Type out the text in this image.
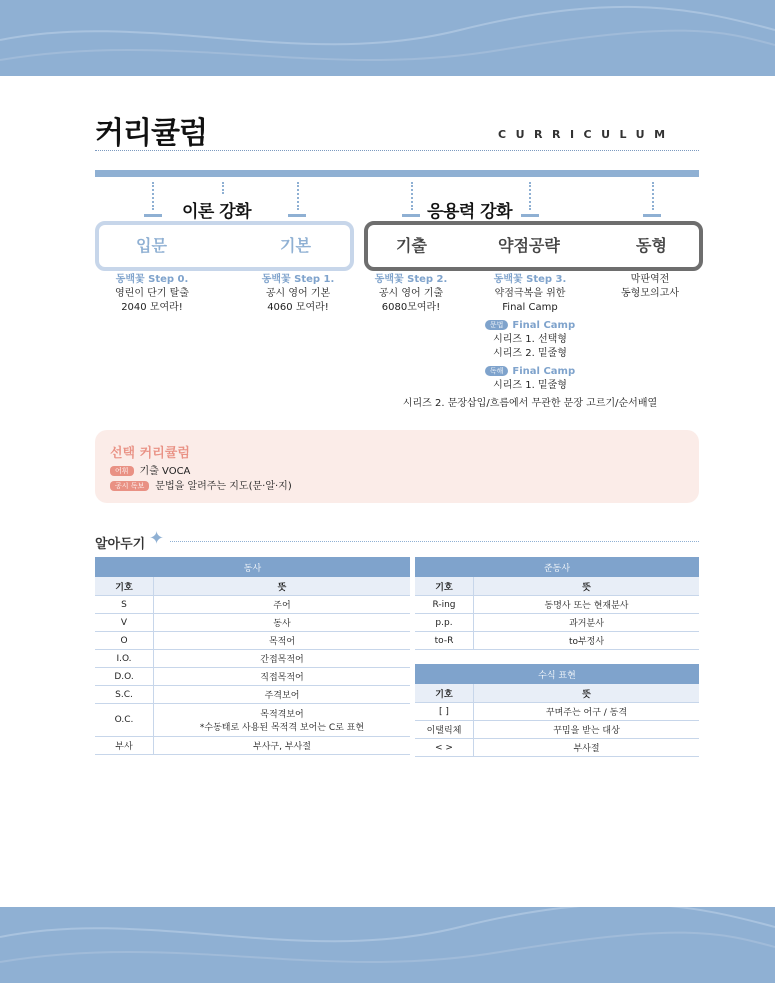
커리큘럼	CURRICULUM
이론 강화	응용력 강화
입문	기본	기출	약점공략	동형
동백꽃 Step 0.
영린이 단기 탈출
2040 모여라!
동백꽃 Step 1.
공시 영어 기본
4060 모여라!
동백꽃 Step 2.
공시 영어 기출
6080모여라!
동백꽃 Step 3.
약점극복을 위한
Final Camp
문법 Final Camp
시리즈 1. 선택형
시리즈 2. 밑줄형
독해 Final Camp
시리즈 1. 밑줄형
시리즈 2. 문장삽입/흐름에서 무관한 문장 고르기/순서배열
막판역전
동형모의고사
선택 커리큘럼
어휘 기출 VOCA
공시 독보 문법을 알려주는 지도(문·알·지)
알아두기 ✦
동사	
기호	뜻
S	주어
V	동사
O	목적어
I.O.	간접목적어
D.O.	직접목적어
S.C.	주격보어
O.C.	목적격보어
*수동태로 사용된 목적격 보어는 C로 표현

부사	부사구, 부사절
준동사	
기호	뜻
R-ing	동명사 또는 현재분사
p.p.	과거분사
to-R	to부정사
수식 표현	
기호	뜻
[ ]	꾸며주는 어구 / 동격
이탤릭체	꾸밈을 받는 대상
< >	부사절
